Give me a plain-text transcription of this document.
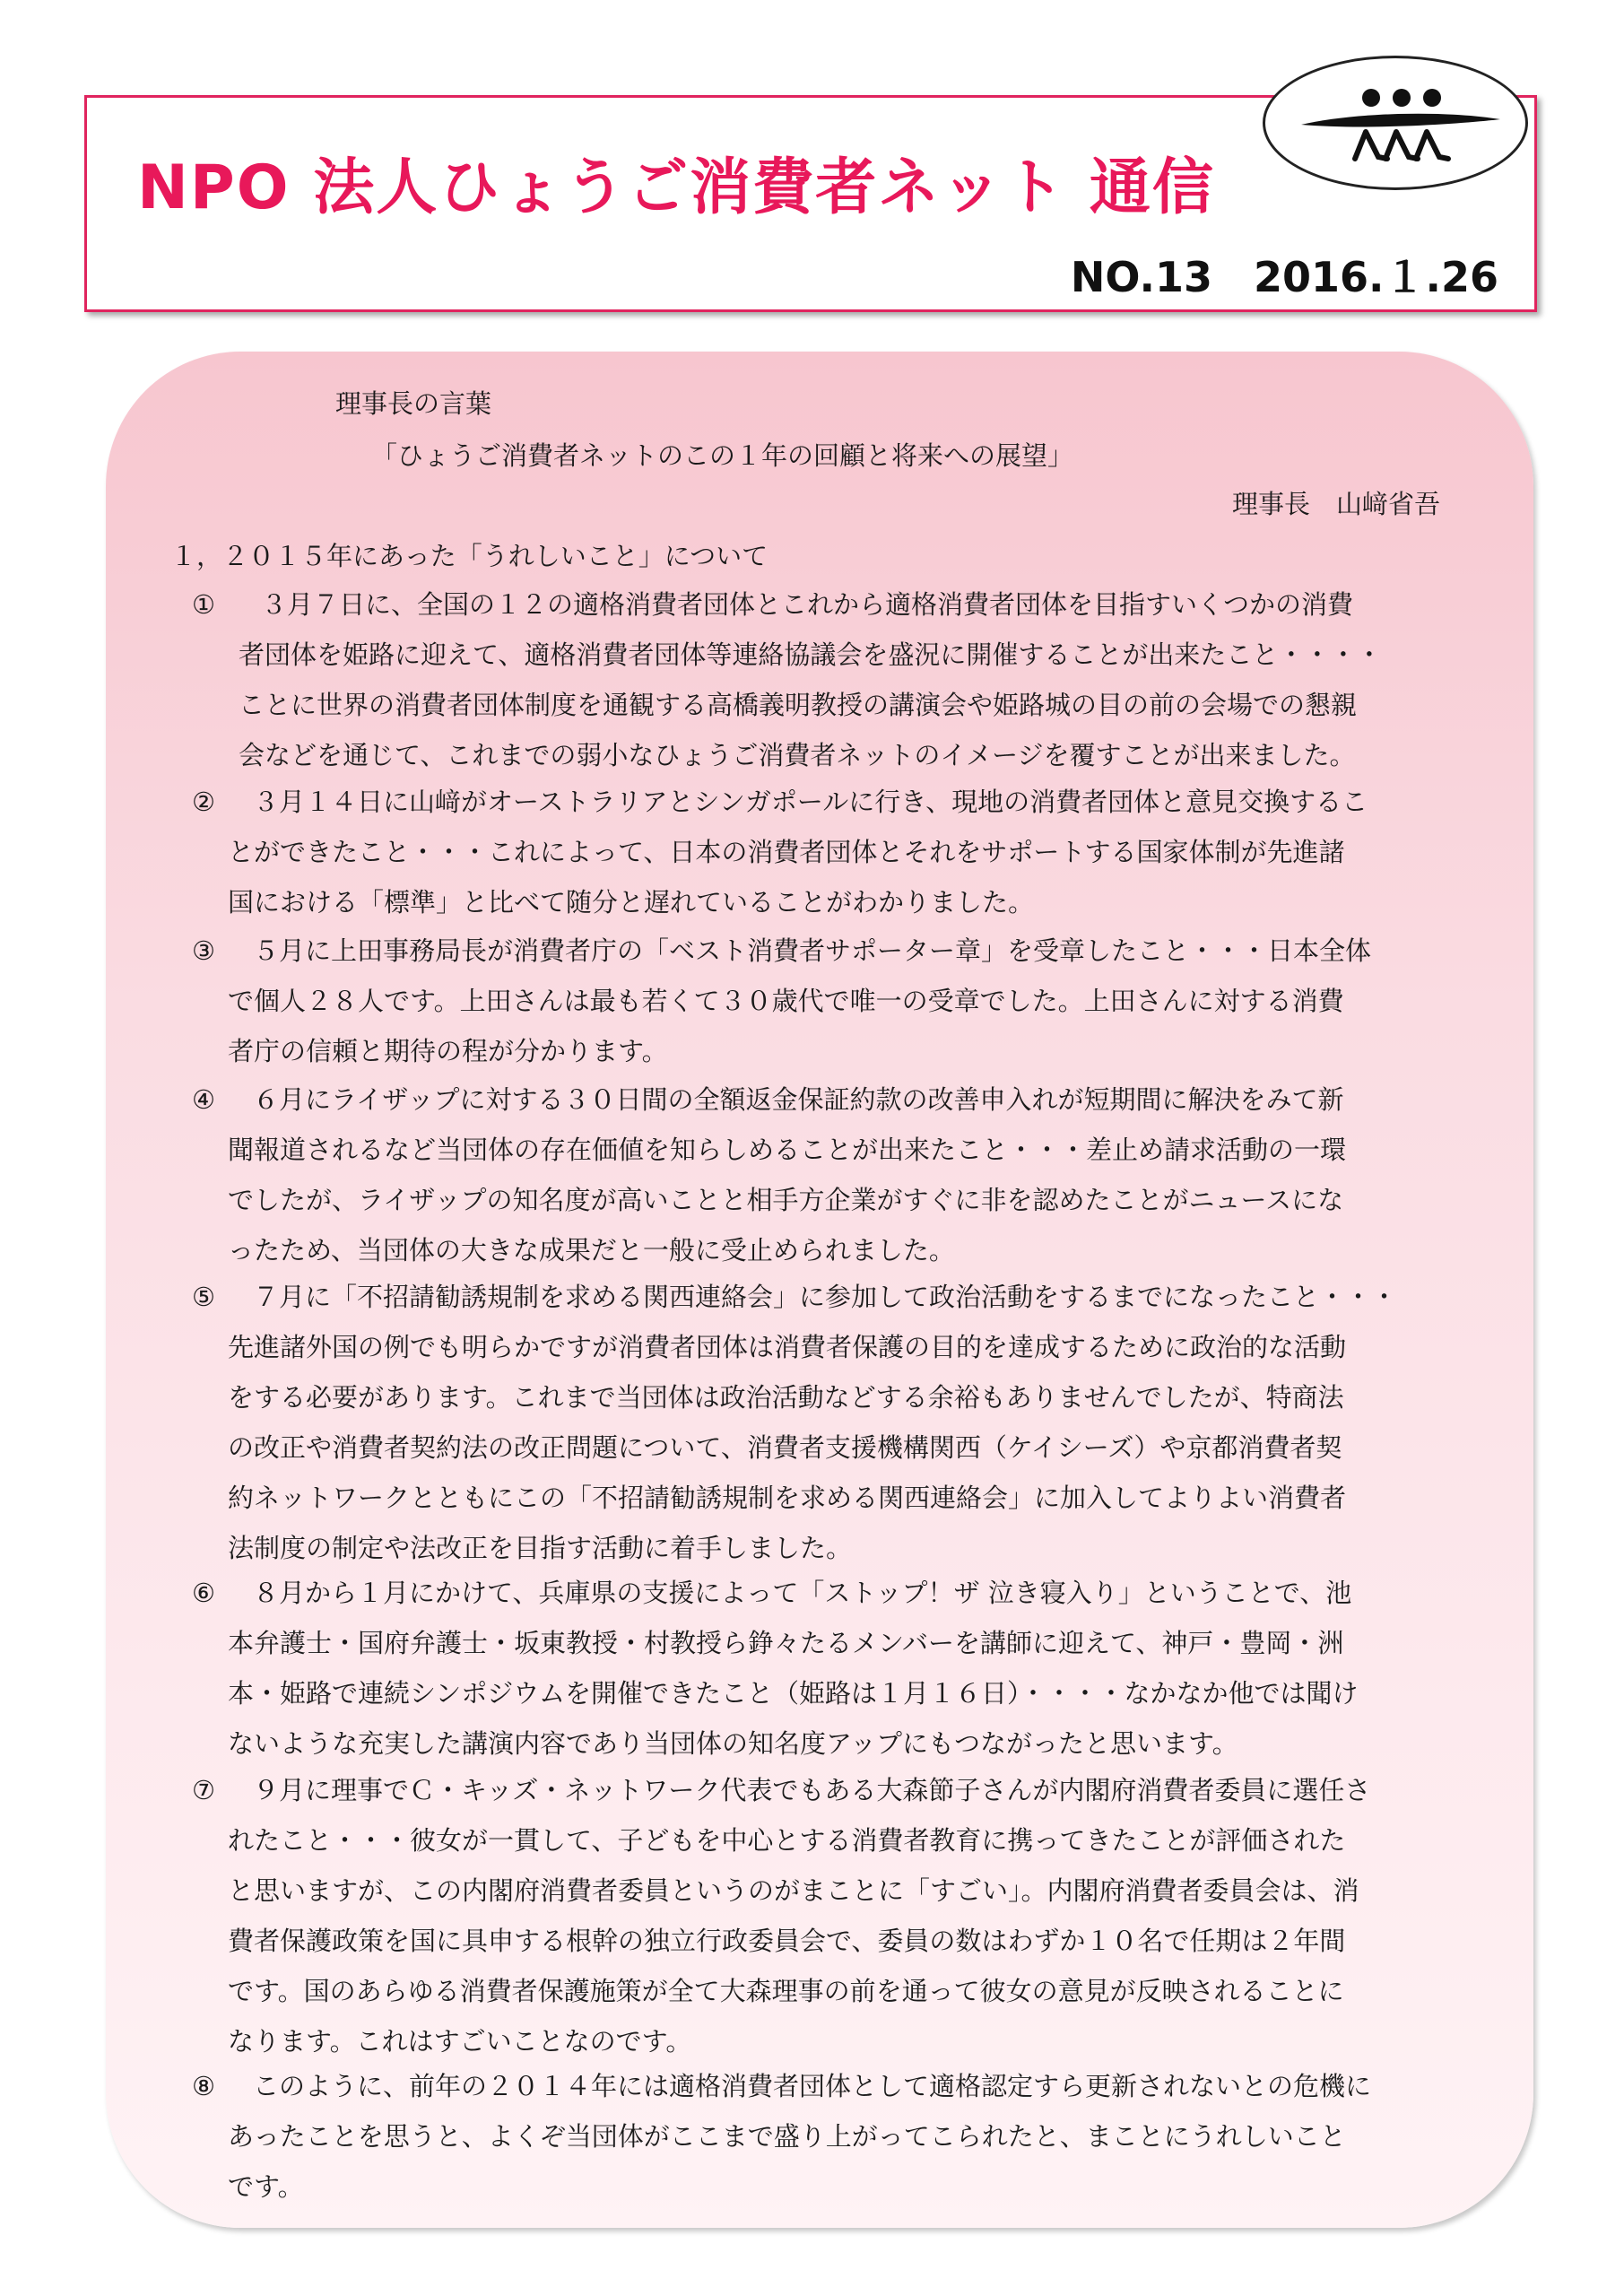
NPO 法人ひょうご消費者ネット 通信
NO.13 2016.１.26
理事長の言葉
「ひょうご消費者ネットのこの１年の回顧と将来への展望」
理事長　山﨑省吾
１，２０１５年にあった「うれしいこと」について
① 　３月７日に、全国の１２の適格消費者団体とこれから適格消費者団体を目指すいくつかの消費
者団体を姫路に迎えて、適格消費者団体等連絡協議会を盛況に開催することが出来たこと・・・・
ことに世界の消費者団体制度を通観する高橋義明教授の講演会や姫路城の目の前の会場での懇親
会などを通じて、これまでの弱小なひょうご消費者ネットのイメージを覆すことが出来ました。
② ３月１４日に山﨑がオーストラリアとシンガポールに行き、現地の消費者団体と意見交換するこ
とができたこと・・・これによって、日本の消費者団体とそれをサポートする国家体制が先進諸
国における「標準」と比べて随分と遅れていることがわかりました。
③ ５月に上田事務局長が消費者庁の「ベスト消費者サポーター章」を受章したこと・・・日本全体
で個人２８人です。上田さんは最も若くて３０歳代で唯一の受章でした。上田さんに対する消費
者庁の信頼と期待の程が分かります。
④ ６月にライザップに対する３０日間の全額返金保証約款の改善申入れが短期間に解決をみて新
聞報道されるなど当団体の存在価値を知らしめることが出来たこと・・・差止め請求活動の一環
でしたが、ライザップの知名度が高いことと相手方企業がすぐに非を認めたことがニュースにな
ったため、当団体の大きな成果だと一般に受止められました。
⑤ ７月に「不招請勧誘規制を求める関西連絡会」に参加して政治活動をするまでになったこと・・・
先進諸外国の例でも明らかですが消費者団体は消費者保護の目的を達成するために政治的な活動
をする必要があります。これまで当団体は政治活動などする余裕もありませんでしたが、特商法
の改正や消費者契約法の改正問題について、消費者支援機構関西（ケイシーズ）や京都消費者契
約ネットワークとともにこの「不招請勧誘規制を求める関西連絡会」に加入してよりよい消費者
法制度の制定や法改正を目指す活動に着手しました。
⑥ ８月から１月にかけて、兵庫県の支援によって「ストップ！ザ 泣き寝入り」ということで、池
本弁護士・国府弁護士・坂東教授・村教授ら錚々たるメンバーを講師に迎えて、神戸・豊岡・洲
本・姫路で連続シンポジウムを開催できたこと（姫路は１月１６日）・・・・なかなか他では聞け
ないような充実した講演内容であり当団体の知名度アップにもつながったと思います。
⑦ ９月に理事でＣ・キッズ・ネットワーク代表でもある大森節子さんが内閣府消費者委員に選任さ
れたこと・・・彼女が一貫して、子どもを中心とする消費者教育に携ってきたことが評価された
と思いますが、この内閣府消費者委員というのがまことに「すごい」。内閣府消費者委員会は、消
費者保護政策を国に具申する根幹の独立行政委員会で、委員の数はわずか１０名で任期は２年間
です。国のあらゆる消費者保護施策が全て大森理事の前を通って彼女の意見が反映されることに
なります。これはすごいことなのです。
⑧ このように、前年の２０１４年には適格消費者団体として適格認定すら更新されないとの危機に
あったことを思うと、よくぞ当団体がここまで盛り上がってこられたと、まことにうれしいこと
です。
